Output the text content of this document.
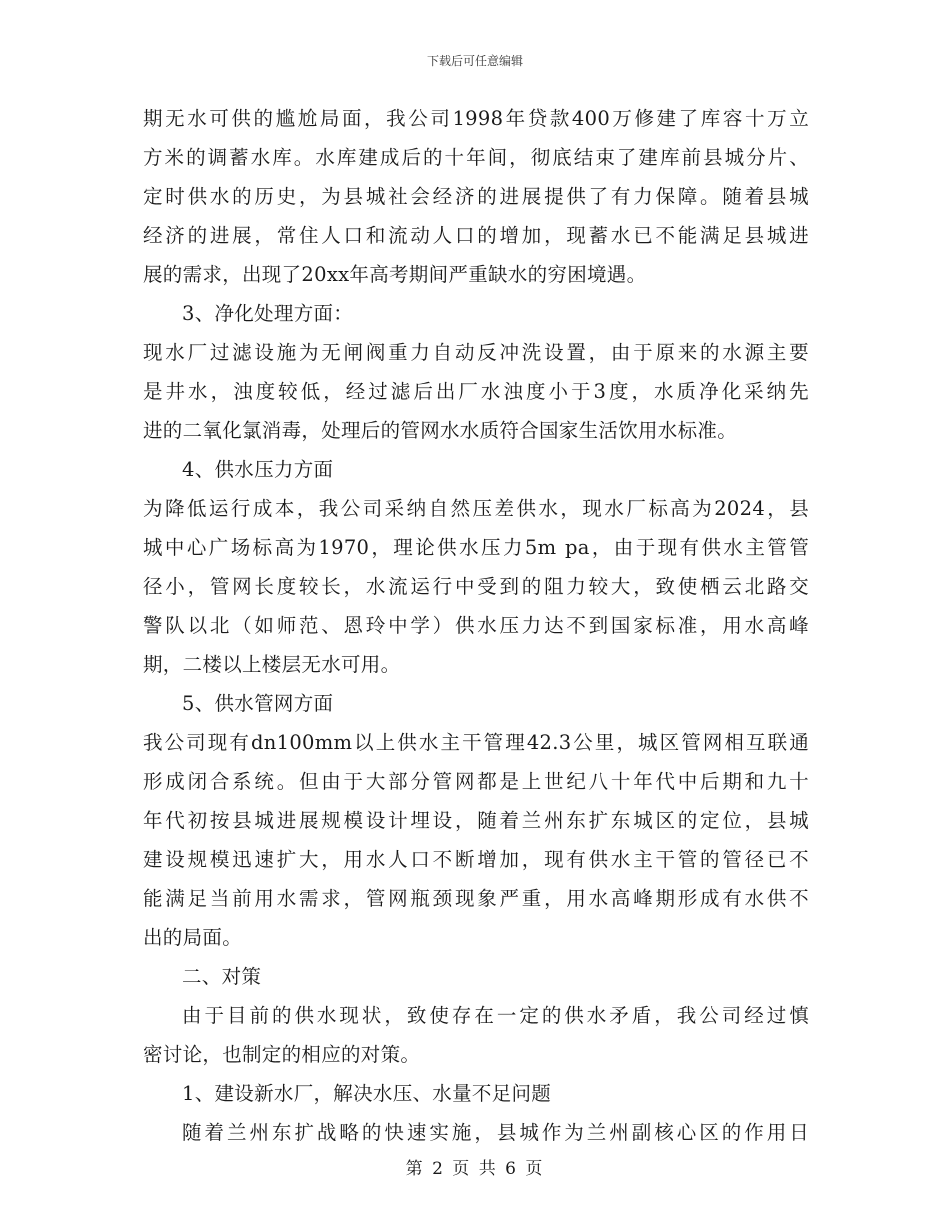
下载后可任意编辑
期无水可供的尴尬局面，我公司1998年贷款400万修建了库容十万立
方米的调蓄水库。水库建成后的十年间，彻底结束了建库前县城分片、
定时供水的历史，为县城社会经济的进展提供了有力保障。随着县城
经济的进展，常住人口和流动人口的增加，现蓄水已不能满足县城进
展的需求，出现了20xx年高考期间严重缺水的穷困境遇。
3、净化处理方面：
现水厂过滤设施为无闸阀重力自动反冲洗设置，由于原来的水源主要
是井水，浊度较低，经过滤后出厂水浊度小于3度，水质净化采纳先
进的二氧化氯消毒，处理后的管网水水质符合国家生活饮用水标准。
4、供水压力方面
为降低运行成本，我公司采纳自然压差供水，现水厂标高为2024，县
城中心广场标高为1970，理论供水压力5m pa，由于现有供水主管管
径小，管网长度较长，水流运行中受到的阻力较大，致使栖云北路交
警队以北（如师范、恩玲中学）供水压力达不到国家标准，用水高峰
期，二楼以上楼层无水可用。
5、供水管网方面
我公司现有dn100mm以上供水主干管理42.3公里，城区管网相互联通
形成闭合系统。但由于大部分管网都是上世纪八十年代中后期和九十
年代初按县城进展规模设计埋设，随着兰州东扩东城区的定位，县城
建设规模迅速扩大，用水人口不断增加，现有供水主干管的管径已不
能满足当前用水需求，管网瓶颈现象严重，用水高峰期形成有水供不
出的局面。
二、对策
由于目前的供水现状，致使存在一定的供水矛盾，我公司经过慎
密讨论，也制定的相应的对策。
1、建设新水厂，解决水压、水量不足问题
随着兰州东扩战略的快速实施，县城作为兰州副核心区的作用日
第 2 页 共 6 页
